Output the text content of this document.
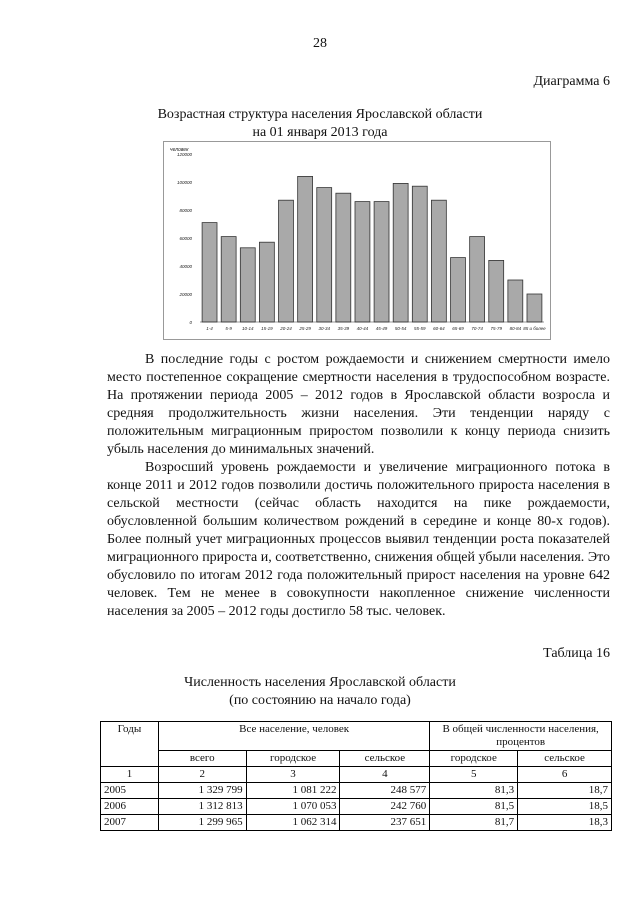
28
Диаграмма 6
Возрастная структура населения Ярославской области
на 01 января 2013 года
человек
0
20000
40000
60000
80000
100000
120000
1-4	5-9 10-14 15-19 20-24 25-29 30-34 35-39 40-44 45-49 50-54 55-59 60-64 65-69 70-74 75-79 80-84 85 и более

В последние годы с ростом рождаемости и снижением смертности имело место постепенное сокращение смертности населения в трудоспособном возрасте. На протяжении периода 2005 – 2012 годов в Ярославской области возросла и средняя продолжительность жизни населения. Эти тенденции наряду с положительным миграционным приростом позволили к концу периода снизить убыль населения до минимальных значений.

Возросший уровень рождаемости и увеличение миграционного потока в конце 2011 и 2012 годов позволили достичь положительного прироста населения в сельской местности (сейчас область находится на пике рождаемости, обусловленной большим количеством рождений в середине и конце 80-х годов). Более полный учет миграционных процессов выявил тенденции роста показателей миграционного прироста и, соответственно, снижения общей убыли населения. Это обусловило по итогам 2012 года положительный прирост населения на уровне 642 человек. Тем не менее в совокупности накопленное снижение численности населения за 2005 – 2012 годы достигло 58 тыс. человек.

Таблица 16
Численность населения Ярославской области
(по состоянию на начало года)
Годы	Все население, человек			В общей численности населения, процентов	
	всего	городское	сельское	городское	сельское
1	2	3	4	5	6
2005	1 329 799	1 081 222	248 577	81,3	18,7
2006	1 312 813	1 070 053	242 760	81,5	18,5
2007	1 299 965	1 062 314	237 651	81,7	18,3
